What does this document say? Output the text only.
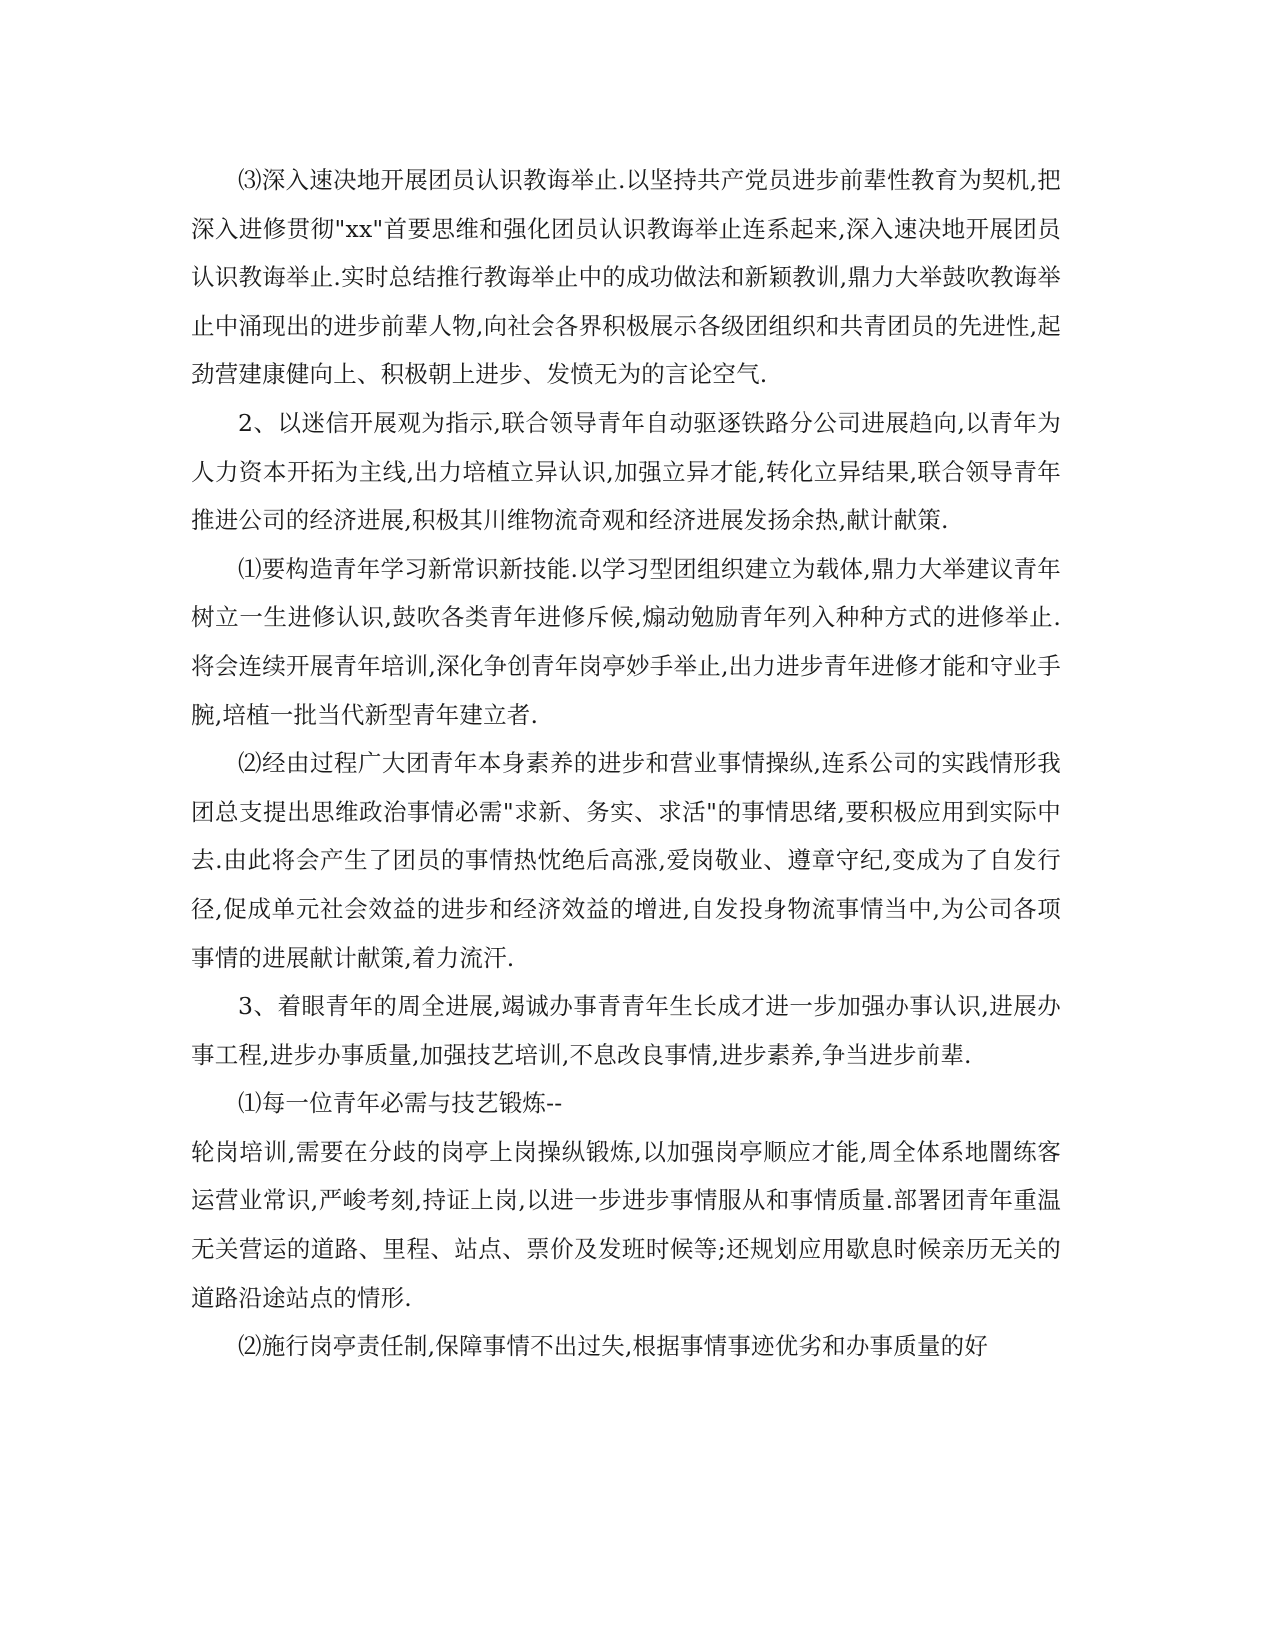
⑶深入速决地开展团员认识教诲举止.以坚持共产党员进步前辈性教育为契机,把深入进修贯彻"xx"首要思维和强化团员认识教诲举止连系起来,深入速决地开展团员认识教诲举止.实时总结推行教诲举止中的成功做法和新颖教训,鼎力大举鼓吹教诲举止中涌现出的进步前辈人物,向社会各界积极展示各级团组织和共青团员的先进性,起劲营建康健向上、积极朝上进步、发愤无为的言论空气.

2、以迷信开展观为指示,联合领导青年自动驱逐铁路分公司进展趋向,以青年为人力资本开拓为主线,出力培植立异认识,加强立异才能,转化立异结果,联合领导青年推进公司的经济进展,积极其川维物流奇观和经济进展发扬余热,献计献策.

⑴要构造青年学习新常识新技能.以学习型团组织建立为载体,鼎力大举建议青年树立一生进修认识,鼓吹各类青年进修斥候,煽动勉励青年列入种种方式的进修举止.将会连续开展青年培训,深化争创青年岗亭妙手举止,出力进步青年进修才能和守业手腕,培植一批当代新型青年建立者.

⑵经由过程广大团青年本身素养的进步和营业事情操纵,连系公司的实践情形我团总支提出思维政治事情必需"求新、务实、求活"的事情思绪,要积极应用到实际中去.由此将会产生了团员的事情热忱绝后高涨,爱岗敬业、遵章守纪,变成为了自发行径,促成单元社会效益的进步和经济效益的增进,自发投身物流事情当中,为公司各项事情的进展献计献策,着力流汗.

3、着眼青年的周全进展,竭诚办事青青年生长成才进一步加强办事认识,进展办事工程,进步办事质量,加强技艺培训,不息改良事情,进步素养,争当进步前辈.

⑴每一位青年必需与技艺锻炼--

轮岗培训,需要在分歧的岗亭上岗操纵锻炼,以加强岗亭顺应才能,周全体系地闇练客运营业常识,严峻考刻,持证上岗,以进一步进步事情服从和事情质量.部署团青年重温无关营运的道路、里程、站点、票价及发班时候等;还规划应用歇息时候亲历无关的道路沿途站点的情形.

⑵施行岗亭责任制,保障事情不出过失,根据事情事迹优劣和办事质量的好
